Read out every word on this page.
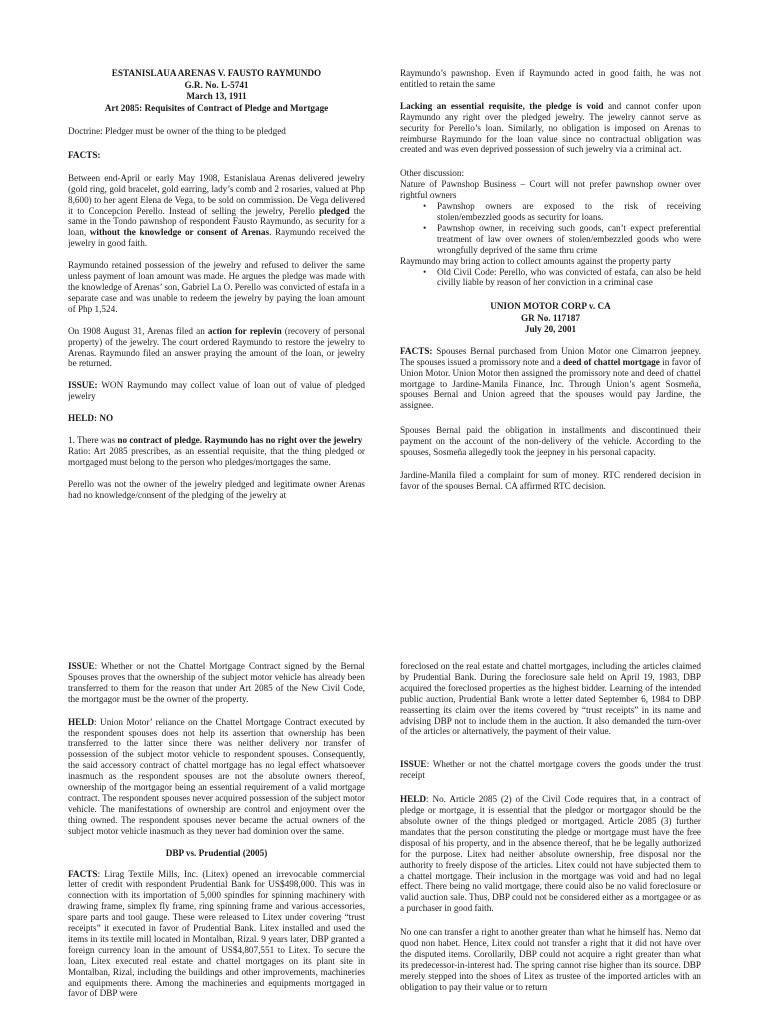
ESTANISLAUA ARENAS V. FAUSTO RAYMUNDO
G.R. No. L-5741
March 13, 1911
Art 2085: Requisites of Contract of Pledge and Mortgage

Doctrine: Pledger must be owner of the thing to be pledged

FACTS:

Between end-April or early May 1908, Estanislaua Arenas delivered jewelry (gold ring, gold bracelet, gold earring, lady’s comb and 2 rosaries, valued at Php 8,600) to her agent Elena de Vega, to be sold on commission. De Vega delivered it to Concepcion Perello. Instead of selling the jewelry, Perello pledged the same in the Tondo pawnshop of respondent Fausto Raymundo, as security for a loan, without the knowledge or consent of Arenas. Raymundo received the jewelry in good faith.

Raymundo retained possession of the jewelry and refused to deliver the same unless payment of loan amount was made. He argues the pledge was made with the knowledge of Arenas’ son, Gabriel La O. Perello was convicted of estafa in a separate case and was unable to redeem the jewelry by paying the loan amount of Php 1,524.

On 1908 August 31, Arenas filed an action for replevin (recovery of personal property) of the jewelry. The court ordered Raymundo to restore the jewelry to Arenas. Raymundo filed an answer praying the amount of the loan, or jewelry be returned.

ISSUE: WON Raymundo may collect value of loan out of value of pledged jewelry

HELD: NO

1. There was no contract of pledge. Raymundo has no right over the jewelry

Ratio: Art 2085 prescribes, as an essential requisite, that the thing pledged or mortgaged must belong to the person who pledges/mortgages the same.

Perello was not the owner of the jewelry pledged and legitimate owner Arenas had no knowledge/consent of the pledging of the jewelry at

Raymundo’s pawnshop. Even if Raymundo acted in good faith, he was not entitled to retain the same

Lacking an essential requisite, the pledge is void and cannot confer upon Raymundo any right over the pledged jewelry. The jewelry cannot serve as security for Perello’s loan. Similarly, no obligation is imposed on Arenas to reimburse Raymundo for the loan value since no contractual obligation was created and was even deprived possession of such jewelry via a criminal act.

Other discussion:

Nature of Pawnshop Business – Court will not prefer pawnshop owner over rightful owners

• Pawnshop owners are exposed to the risk of receiving stolen/embezzled goods as security for loans.
• Pawnshop owner, in receiving such goods, can’t expect preferential treatment of law over owners of stolen/embezzled goods who were wrongfully deprived of the same thru crime

Raymundo may bring action to collect amounts against the property party

• Old Civil Code: Perello, who was convicted of estafa, can also be held civilly liable by reason of her conviction in a criminal case
UNION MOTOR CORP v. CA
GR No. 117187
July 20, 2001

FACTS: Spouses Bernal purchased from Union Motor one Cimarron jeepney. The spouses issued a promissory note and a deed of chattel mortgage in favor of Union Motor. Union Motor then assigned the promissory note and deed of chattel mortgage to Jardine-Manila Finance, Inc. Through Union’s agent Sosmeña, spouses Bernal and Union agreed that the spouses would pay Jardine, the assignee.

Spouses Bernal paid the obligation in installments and discontinued their payment on the account of the non-delivery of the vehicle. According to the spouses, Sosmeña allegedly took the jeepney in his personal capacity.

Jardine-Manila filed a complaint for sum of money. RTC rendered decision in favor of the spouses Bernal. CA affirmed RTC decision.

ISSUE: Whether or not the Chattel Mortgage Contract signed by the Bernal Spouses proves that the ownership of the subject motor vehicle has already been transferred to them for the reason that under Art 2085 of the New Civil Code, the mortgagor must be the owner of the property.

HELD: Union Motor’ reliance on the Chattel Mortgage Contract executed by the respondent spouses does not help its assertion that ownership has been transferred to the latter since there was neither delivery nor transfer of possession of the subject motor vehicle to respondent spouses. Consequently, the said accessory contract of chattel mortgage has no legal effect whatsoever inasmuch as the respondent spouses are not the absolute owners thereof, ownership of the mortgagor being an essential requirement of a valid mortgage contract. The respondent spouses never acquired possession of the subject motor vehicle. The manifestations of ownership are control and enjoyment over the thing owned. The respondent spouses never became the actual owners of the subject motor vehicle inasmuch as they never had dominion over the same.

DBP vs. Prudential (2005)

FACTS: Lirag Textile Mills, Inc. (Litex) opened an irrevocable commercial letter of credit with respondent Prudential Bank for US$498,000. This was in connection with its importation of 5,000 spindles for spinning machinery with drawing frame, simplex fly frame, ring spinning frame and various accessories, spare parts and tool gauge. These were released to Litex under covering “trust receipts” it executed in favor of Prudential Bank. Litex installed and used the items in its textile mill located in Montalban, Rizal. 9 years later, DBP granted a foreign currency loan in the amount of US$4,807,551 to Litex. To secure the loan, Litex executed real estate and chattel mortgages on its plant site in Montalban, Rizal, including the buildings and other improvements, machineries and equipments there. Among the machineries and equipments mortgaged in favor of DBP were

foreclosed on the real estate and chattel mortgages, including the articles claimed by Prudential Bank. During the foreclosure sale held on April 19, 1983, DBP acquired the foreclosed properties as the highest bidder. Learning of the intended public auction, Prudential Bank wrote a letter dated September 6, 1984 to DBP reasserting its claim over the items covered by “trust receipts” in its name and advising DBP not to include them in the auction. It also demanded the turn-over of the articles or alternatively, the payment of their value.

ISSUE: Whether or not the chattel mortgage covers the goods under the trust receipt

HELD: No. Article 2085 (2) of the Civil Code requires that, in a contract of pledge or mortgage, it is essential that the pledgor or mortgagor should be the absolute owner of the things pledged or mortgaged. Article 2085 (3) further mandates that the person constituting the pledge or mortgage must have the free disposal of his property, and in the absence thereof, that he be legally authorized for the purpose. Litex had neither absolute ownership, free disposal nor the authority to freely dispose of the articles. Litex could not have subjected them to a chattel mortgage. Their inclusion in the mortgage was void and had no legal effect. There being no valid mortgage, there could also be no valid foreclosure or valid auction sale. Thus, DBP could not be considered either as a mortgagee or as a purchaser in good faith.

No one can transfer a right to another greater than what he himself has. Nemo dat quod non habet. Hence, Litex could not transfer a right that it did not have over the disputed items. Corollarily, DBP could not acquire a right greater than what its predecessor-in-interest had. The spring cannot rise higher than its source. DBP merely stepped into the shoes of Litex as trustee of the imported articles with an obligation to pay their value or to return
